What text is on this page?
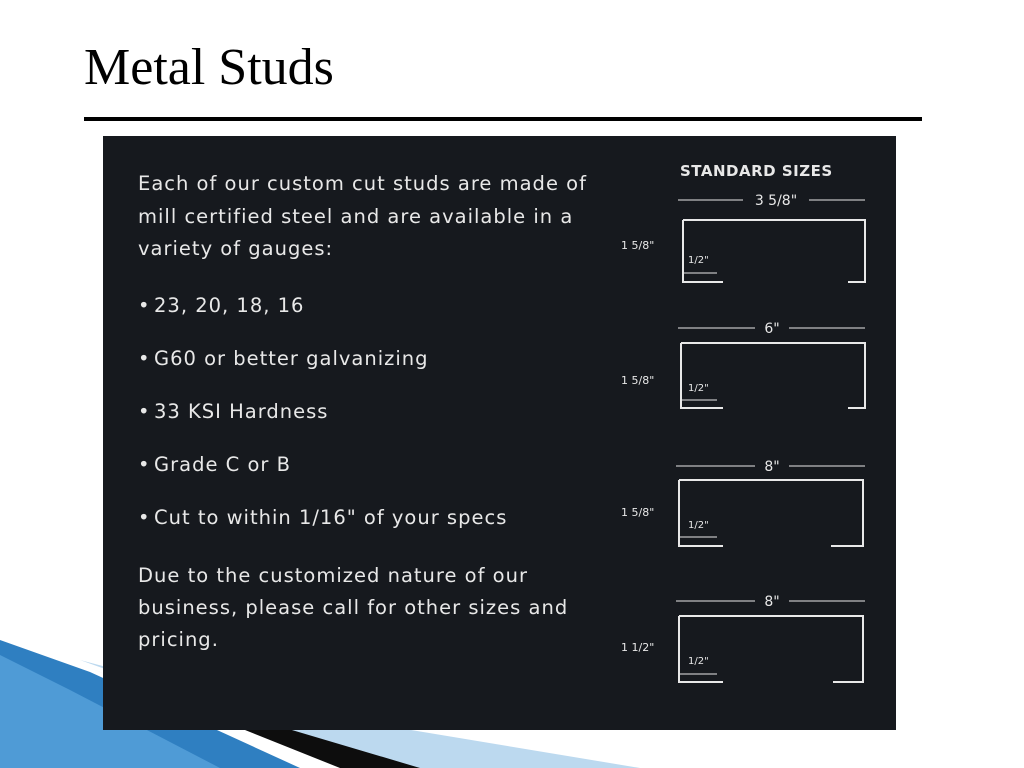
Metal Studs

Each of our custom cut studs are made of mill certified steel and are available in a variety of gauges:

• 23, 20, 18, 16
• G60 or better galvanizing
• 33 KSI Hardness
• Grade C or B
• Cut to within 1/16" of your specs

Due to the customized nature of our business, please call for other sizes and pricing.

STANDARD SIZES
3 5/8"
1 5/8"
1/2"
6"
1 5/8"
1/2"
8"
1 5/8"
1/2"
8"
1 1/2"
1/2"
